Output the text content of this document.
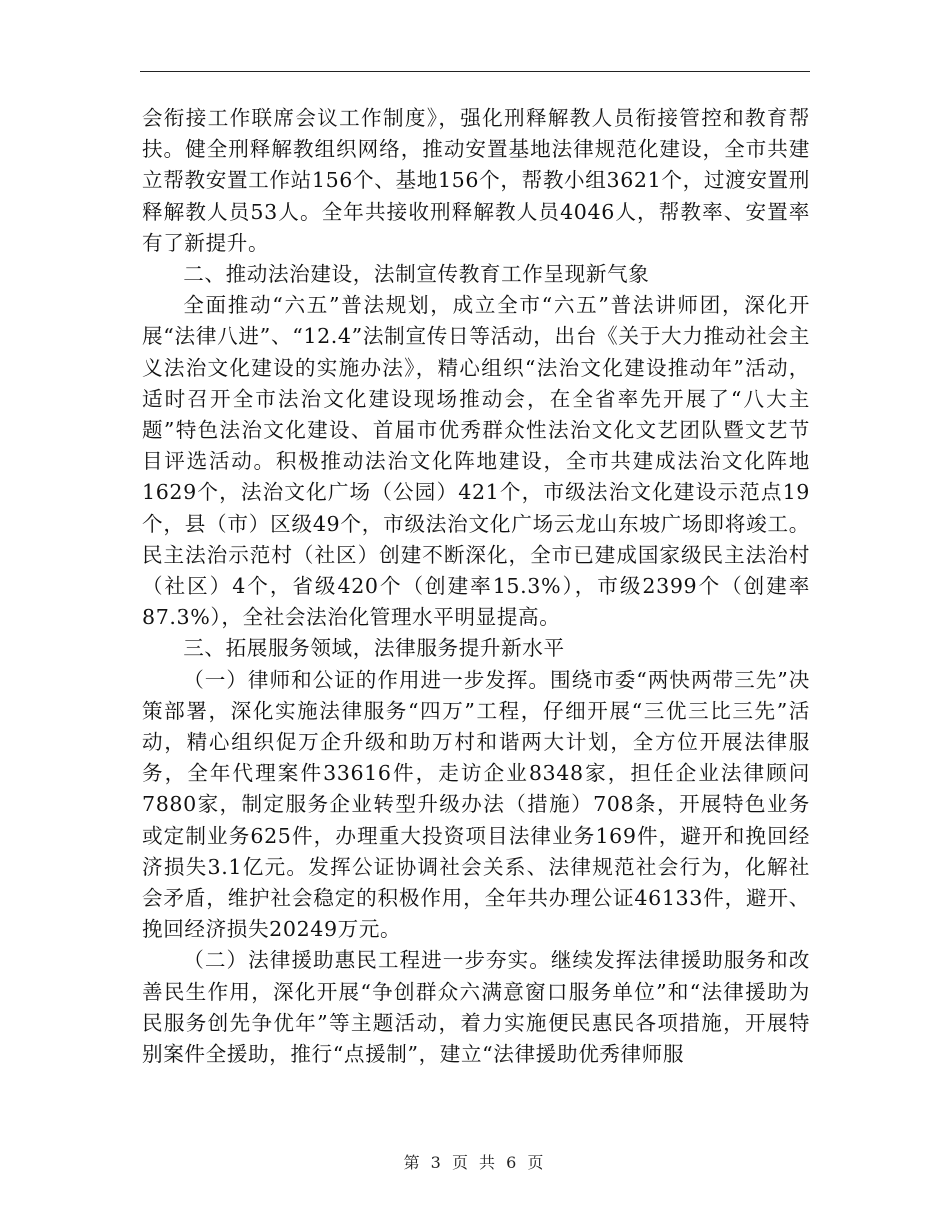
会衔接工作联席会议工作制度》，强化刑释解教人员衔接管控和教育帮扶。健全刑释解教组织网络，推动安置基地法律规范化建设，全市共建立帮教安置工作站156个、基地156个，帮教小组3621个，过渡安置刑释解教人员53人。全年共接收刑释解教人员4046人，帮教率、安置率有了新提升。

二、推动法治建设，法制宣传教育工作呈现新气象

全面推动“六五”普法规划，成立全市“六五”普法讲师团，深化开展“法律八进”、“12.4”法制宣传日等活动，出台《关于大力推动社会主义法治文化建设的实施办法》，精心组织“法治文化建设推动年”活动，适时召开全市法治文化建设现场推动会，在全省率先开展了“八大主题”特色法治文化建设、首届市优秀群众性法治文化文艺团队暨文艺节目评选活动。积极推动法治文化阵地建设，全市共建成法治文化阵地1629个，法治文化广场（公园）421个，市级法治文化建设示范点19个，县（市）区级49个，市级法治文化广场云龙山东坡广场即将竣工。民主法治示范村（社区）创建不断深化，全市已建成国家级民主法治村（社区）4个，省级420个（创建率15.3%），市级2399个（创建率87.3%），全社会法治化管理水平明显提高。

三、拓展服务领域，法律服务提升新水平

（一）律师和公证的作用进一步发挥。围绕市委“两快两带三先”决策部署，深化实施法律服务“四万”工程，仔细开展“三优三比三先”活动，精心组织促万企升级和助万村和谐两大计划，全方位开展法律服务，全年代理案件33616件，走访企业8348家，担任企业法律顾问7880家，制定服务企业转型升级办法（措施）708条，开展特色业务或定制业务625件，办理重大投资项目法律业务169件，避开和挽回经济损失3.1亿元。发挥公证协调社会关系、法律规范社会行为，化解社会矛盾，维护社会稳定的积极作用，全年共办理公证46133件，避开、挽回经济损失20249万元。

（二）法律援助惠民工程进一步夯实。继续发挥法律援助服务和改善民生作用，深化开展“争创群众六满意窗口服务单位”和“法律援助为民服务创先争优年”等主题活动，着力实施便民惠民各项措施，开展特别案件全援助，推行“点援制”，建立“法律援助优秀律师服

第 3 页 共 6 页
